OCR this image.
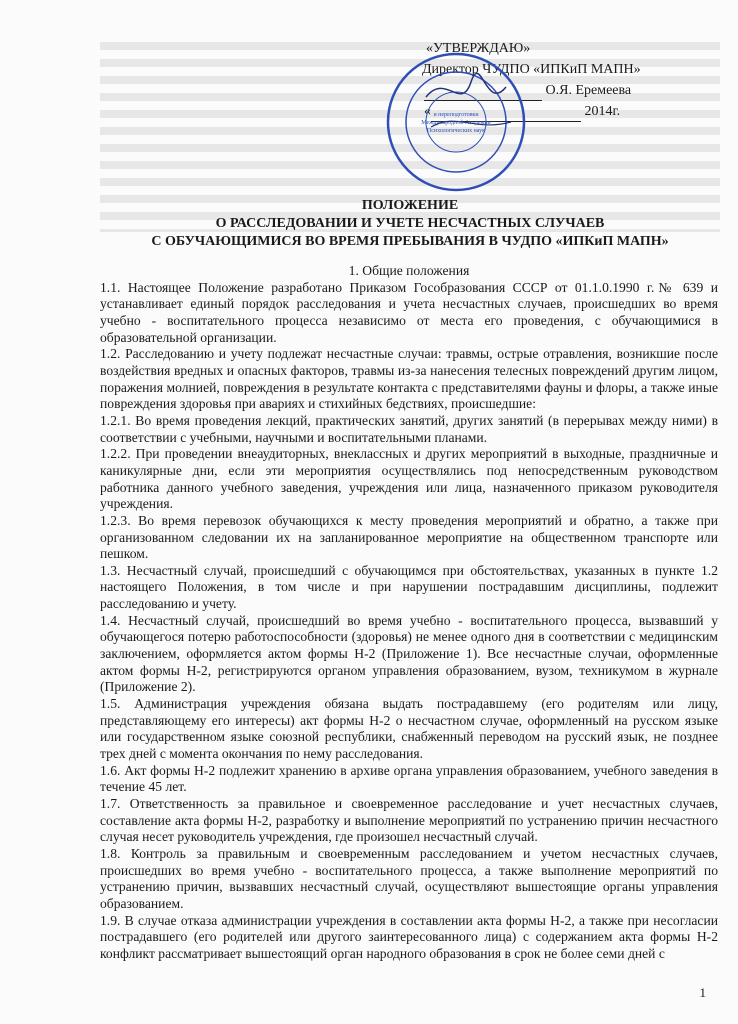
«УТВЕРЖДАЮ»
Директор ЧУДПО «ИПКиП МАПН»
О.Я. Еремеева
«	2014г.
и переподготовки
Международной Академии
Психологических наук
ПОЛОЖЕНИЕ
О РАССЛЕДОВАНИИ И УЧЕТЕ НЕСЧАСТНЫХ СЛУЧАЕВ
С ОБУЧАЮЩИМИСЯ ВО ВРЕМЯ ПРЕБЫВАНИЯ В ЧУДПО «ИПКиП МАПН»

1. Общие положения

1.1. Настоящее Положение разработано Приказом Гособразования СССР от 01.1.0.1990 г.№ 639 и устанавливает единый порядок расследования и учета несчастных случаев, происшедших во время учебно - воспитательного процесса независимо от места его проведения, с обучающимися в образовательной организации.

1.2. Расследованию и учету подлежат несчастные случаи: травмы, острые отравления, возникшие после воздействия вредных и опасных факторов, травмы из-за нанесения телесных повреждений другим лицом, поражения молнией, повреждения в результате контакта с представителями фауны и флоры, а также иные повреждения здоровья при авариях и стихийных бедствиях, происшедшие:

1.2.1. Во время проведения лекций, практических занятий, других занятий (в перерывах между ними) в соответствии с учебными, научными и воспитательными планами.

1.2.2. При проведении внеаудиторных, внеклассных и других мероприятий в выходные, праздничные и каникулярные дни, если эти мероприятия осуществлялись под непосредственным руководством работника данного учебного заведения, учреждения или лица, назначенного приказом руководителя учреждения.

1.2.3. Во время перевозок обучающихся к месту проведения мероприятий и обратно, а также при организованном следовании их на запланированное мероприятие на общественном транспорте или пешком.

1.3. Несчастный случай, происшедший с обучающимся при обстоятельствах, указанных в пункте 1.2 настоящего Положения, в том числе и при нарушении пострадавшим дисциплины, подлежит расследованию и учету.

1.4. Несчастный случай, происшедший во время учебно - воспитательного процесса, вызвавший у обучающегося потерю работоспособности (здоровья) не менее одного дня в соответствии с медицинским заключением, оформляется актом формы Н-2 (Приложение 1). Все несчастные случаи, оформленные актом формы Н-2, регистрируются органом управления образованием, вузом, техникумом в журнале (Приложение 2).

1.5. Администрация учреждения обязана выдать пострадавшему (его родителям или лицу, представляющему его интересы) акт формы Н-2 о несчастном случае, оформленный на русском языке или государственном языке союзной республики, снабженный переводом на русский язык, не позднее трех дней с момента окончания по нему расследования.

1.6. Акт формы Н-2 подлежит хранению в архиве органа управления образованием, учебного заведения в течение 45 лет.

1.7. Ответственность за правильное и своевременное расследование и учет несчастных случаев, составление акта формы Н-2, разработку и выполнение мероприятий по устранению причин несчастного случая несет руководитель учреждения, где произошел несчастный случай.

1.8. Контроль за правильным и своевременным расследованием и учетом несчастных случаев, происшедших во время учебно - воспитательного процесса, а также выполнение мероприятий по устранению причин, вызвавших несчастный случай, осуществляют вышестоящие органы управления образованием.

1.9. В случае отказа администрации учреждения в составлении акта формы Н-2, а также при несогласии пострадавшего (его родителей или другого заинтересованного лица) с содержанием акта формы Н-2 конфликт рассматривает вышестоящий орган народного образования в срок не более семи дней с

1
